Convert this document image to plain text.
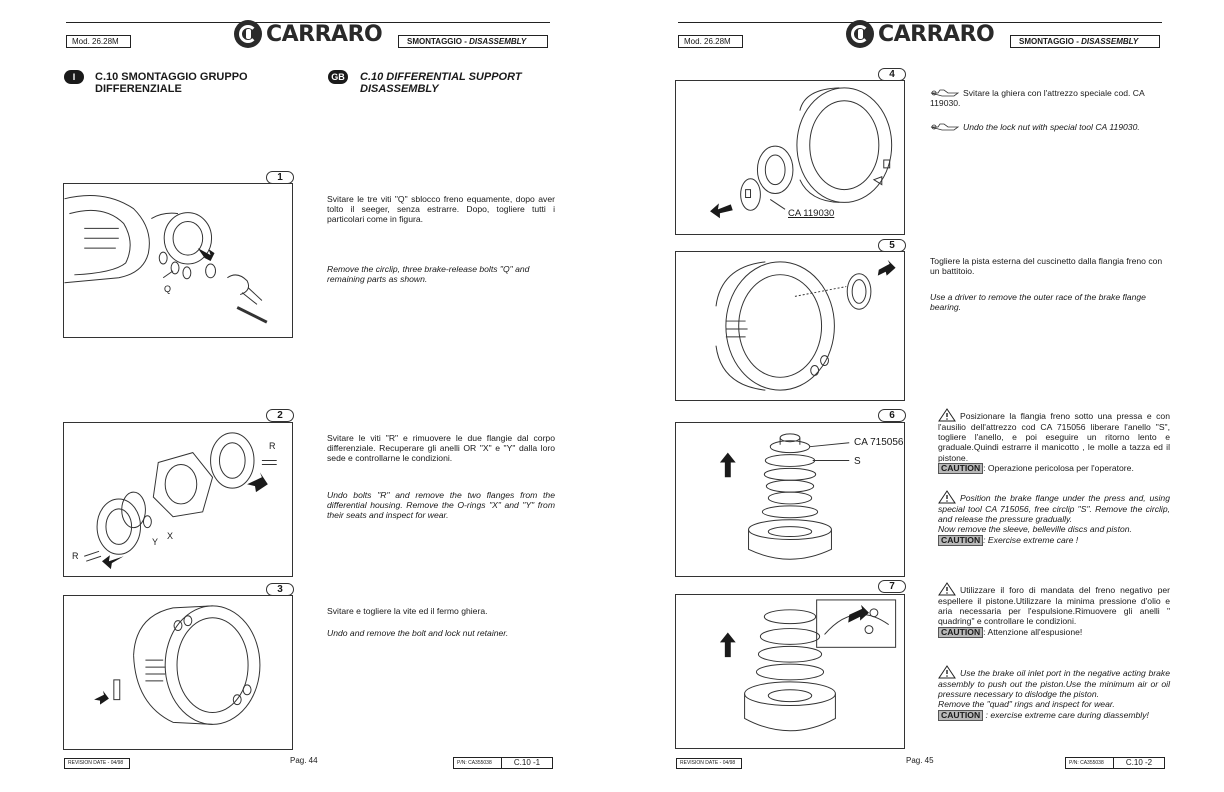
Mod. 26.28M	CARRARO	SMONTAGGIO - DISASSEMBLY
I	C.10 SMONTAGGIO GRUPPO DIFFERENZIALE
GB C.10 DIFFERENTIAL SUPPORT DISASSEMBLY
1
Q
Svitare le tre viti "Q" sblocco freno equamente, dopo aver tolto il seeger, senza estrarre. Dopo, togliere tutti i particolari come in figura.
Remove the circlip, three brake-release bolts "Q" and remaining parts as shown.
2
R
R
Y
X
Svitare le viti "R" e rimuovere le due flangie dal corpo differenziale. Recuperare gli anelli OR "X" e "Y" dalla loro sede e controllarne le condizioni.
Undo bolts "R" and remove the two flanges from the differential housing. Remove the O-rings "X" and "Y" from their seats and inspect for wear.
3
Svitare e togliere la vite ed il fermo ghiera.
Undo and remove the bolt and lock nut retainer.
REVISION DATE - 04/98	Pag. 44	P/N: CA355038	C.10 -1
Mod. 26.28M	CARRARO	SMONTAGGIO - DISASSEMBLY
4
CA 119030
Svitare la ghiera con l'attrezzo speciale cod. CA 119030.
Undo the lock nut with special tool CA 119030.
5
Togliere la pista esterna del cuscinetto dalla flangia freno con un battitoio.
Use a driver to remove the outer race of the brake flange bearing.
6
CA 715056
S
Posizionare la flangia freno sotto una pressa e con l'ausilio dell'attrezzo cod CA 715056 liberare l'anello "S", togliere l'anello, e poi eseguire un ritorno lento e graduale.Quindi estrarre il manicotto , le molle a tazza ed il pistone.
CAUTION : Operazione pericolosa per l'operatore.
Position the brake flange under the press and, using special tool CA 715056, free circlip "S". Remove the circlip, and release the pressure gradually.
Now remove the sleeve, belleville discs and piston.
CAUTION : Exercise extreme care !
7	Utilizzare il foro di mandata del freno negativo per espellere il pistone.Utilizzare la minima pressione d'olio e aria necessaria per l'espulsione.Rimuovere gli anelli " quadring" e controllare le condizioni.
CAUTION : Attenzione all'espusione!
Use the brake oil inlet port in the negative acting brake assembly to push out the piston.Use the minimum air or oil pressure necessary to dislodge the piston.
Remove the "quad" rings and inspect for wear.
CAUTION : exercise extreme care during diassembly!
REVISION DATE - 04/98	Pag. 45	P/N: CA355038	C.10 -2
